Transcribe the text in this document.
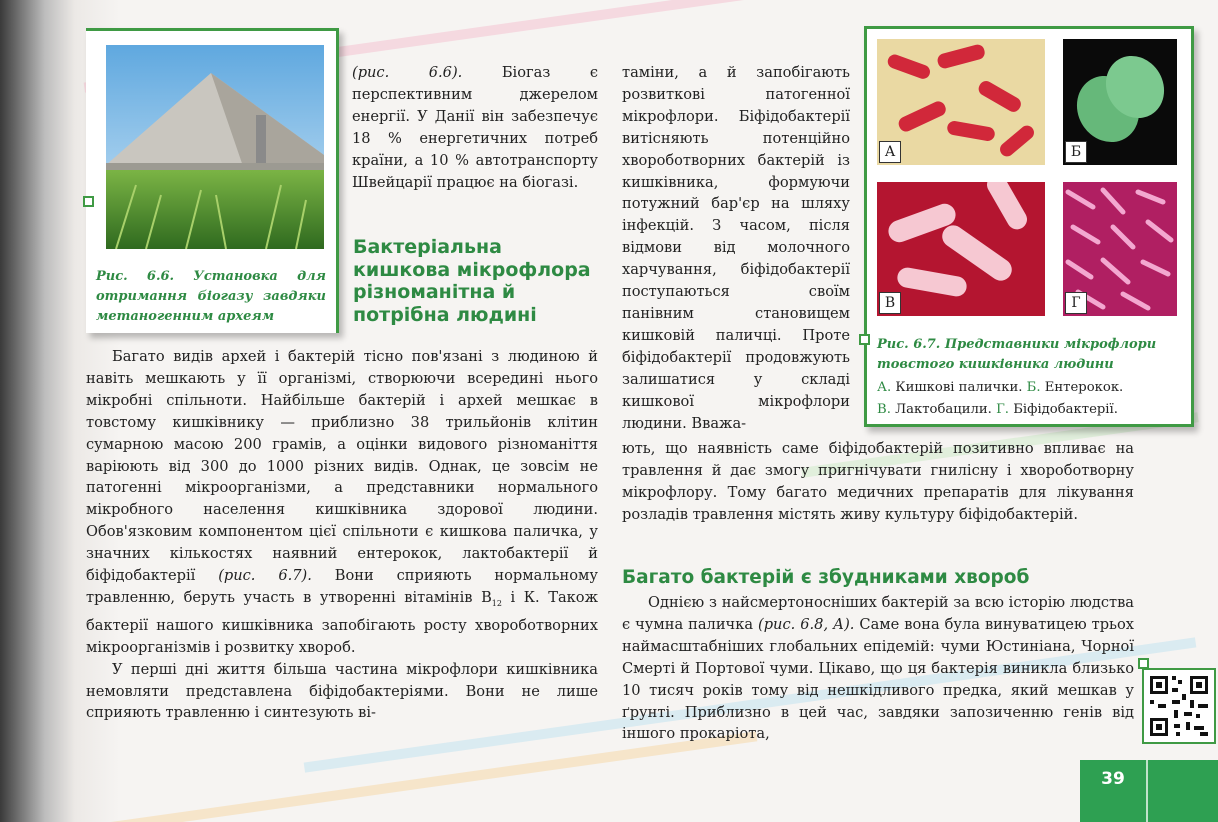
Рис. 6.6. Установка для отримання біогазу завдяки метаногенним археям

(рис. 6.6). Біогаз є перспективним джерелом енергії. У Данії він забезпечує 18 % енергетичних потреб країни, а 10 % автотранспорту Швейцарії працює на біогазі.

Бактеріальна кишкова мікрофлора різноманітна й потрібна людині

таміни, а й запобігають розвиткові патогенної мікрофлори. Біфідобактерії витісняють потенційно хвороботворних бактерій із кишківника, формуючи потужний бар'єр на шляху інфекцій. З часом, після відмови від молочного харчування, біфідобактерії поступаються своїм панівним становищем кишковій паличці. Проте біфідобактерії продовжують залишатися у складі кишкової мікрофлори людини. Вважа-

А	Б
В	Г
Рис. 6.7. Представники мікрофлори товстого кишківника людини
А. Кишкові палички. Б. Ентерокок.
В. Лактобацили. Г. Біфідобактерії.

Багато видів архей і бактерій тісно пов'язані з людиною й навіть мешкають у її організмі, створюючи всередині нього мікробні спільноти. Найбільше бактерій і архей мешкає в товстому кишківнику — приблизно 38 трильйонів клітин сумарною масою 200 грамів, а оцінки видового різноманіття варіюють від 300 до 1000 різних видів. Однак, це зовсім не патогенні мікроорганізми, а представники нормального мікробного населення кишківника здорової людини. Обов'язковим компонентом цієї спільноти є кишкова паличка, у значних кількостях наявний ентерокок, лактобактерії й біфідобактерії (рис. 6.7). Вони сприяють нормальному травленню, беруть участь в утворенні вітамінів $В_{12}$ і К. Також бактерії нашого кишківника запобігають росту хвороботворних мікроорганізмів і розвитку хвороб.

У перші дні життя більша частина мікрофлори кишківника немовляти представлена біфідобактеріями. Вони не лише сприяють травленню і синтезують ві-

ють, що наявність саме біфідобактерій позитивно впливає на травлення й дає змогу пригнічувати гнилісну і хвороботворну мікрофлору. Тому багато медичних препаратів для лікування розладів травлення містять живу культуру біфідобактерій.

Багато бактерій є збудниками хвороб

Однією з найсмертоносніших бактерій за всю історію людства є чумна паличка (рис. 6.8, А). Саме вона була винуватицею трьох наймасштабніших глобальних епідемій: чуми Юстиніана, Чорної Смерті й Портової чуми. Цікаво, що ця бактерія виникла близько 10 тисяч років тому від нешкідливого предка, який мешкав у ґрунті. Приблизно в цей час, завдяки запозиченню генів від іншого прокаріота,

39
